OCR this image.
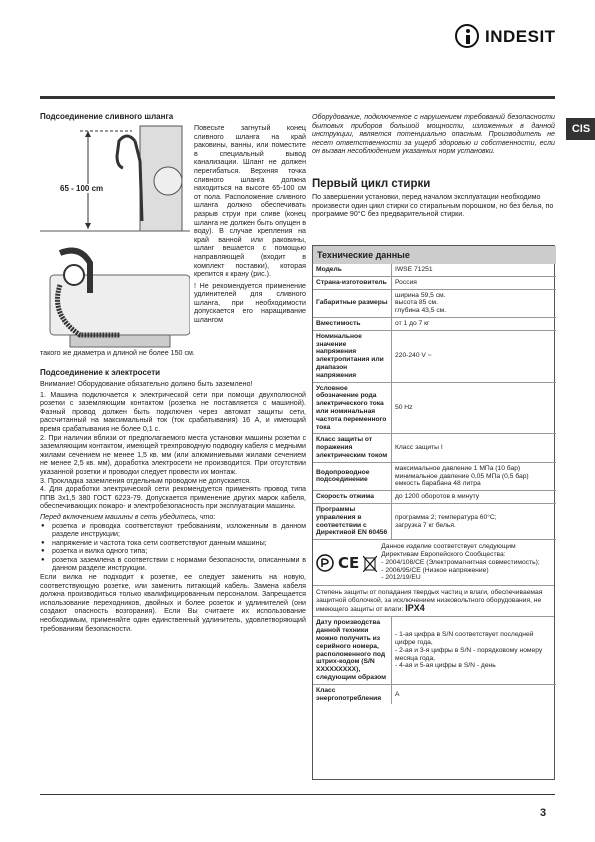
INDESIT
CIS
Подсоединение сливного шланга
65 - 100 cm
Повесьте загнутый конец сливного шланга на край раковины, ванны, или поместите в специальный вывод канализации. Шланг не должен перегибаться. Верхняя точка сливного шланга должна находиться на высоте 65-100 см от пола. Расположение сливного шланга должно обеспечивать разрыв струи при сливе (конец шланга не должен быть опущен в воду). В случае крепления на край ванной или раковины, шланг вешается с помощью направляющей (входит в комплект поставки), которая крепится к крану (рис.).
! Не рекомендуется применение удлинителей для сливного шланга, при необходимости допускается его наращивание шлангом
такого же диаметра и длиной не более 150 см.
Подсоединение к электросети
Внимание! Оборудование обязательно должно быть заземлено!
1. Машина подключается к электрической сети при помощи двухполюсной розетки с заземляющим контактом (розетка не поставляется с машиной). Фазный провод должен быть подключен через автомат защиты сети, рассчитанный на максимальный ток (ток срабатывания) 16 А, и имеющий время срабатывания не более 0,1 с.
2. При наличии вблизи от предполагаемого места установки машины розетки с заземляющим контактом, имеющей трехпроводную подводку кабеля с медными жилами сечением не менее 1,5 кв. мм (или алюминиевыми жилами сечением не менее 2,5 кв. мм), доработка электросети не производится. При отсутствии указанной розетки и проводки следует провести их монтаж.
3. Прокладка заземления отдельным проводом не допускается.
4. Для доработки электрической сети рекомендуется применять провод типа ППВ 3х1,5 380 ГОСТ 6223-79. Допускается применение других марок кабеля, обеспечивающих пожаро- и электробезопасность при эксплуатации машины.
Перед включением машины в сеть убедитесь, что:
● розетка и проводка соответствуют требованиям, изложенным в данном разделе инструкции;
● напряжение и частота тока сети соответствуют данным машины;
● розетка и вилка одного типа;
● розетка заземлена в соответствии с нормами безопасности, описанными в данном разделе инструкции.
Если вилка не подходит к розетке, ее следует заменить на новую, соответствующую розетке, или заменить питающий кабель. Замена кабеля должна производиться только квалифицированным персоналом. Запрещается использование переходников, двойных и более розеток и удлинителей (они создают опасность возгорания). Если Вы считаете их использование необходимым, применяйте один единственный удлинитель, удовлетворяющий требованиям безопасности.
Оборудование, подключенное с нарушением требований безопасности бытовых приборов большой мощности, изложенных в данной инструкции, является потенциально опасным. Производитель не несет ответственности за ущерб здоровью и собственности, если он вызван несоблюдением указанных норм установки.
Первый цикл стирки
По завершении установки, перед началом эксплуатации необходимо произвести один цикл стирки со стиральным порошком, но без белья, по программе 90°С без предварительной стирки.
Технические данные
Модель	IWSE 71251
Страна-изготовитель	Россия
Габаритные размеры	ширина 59,5 см.
высота 85 см.
глубина 43,5 см.
Вместимость	от 1 до 7 кг
Номинальное значение напряжения электропитания или диапазон напряжения	220-240 V ~
Условное обозначение рода электрического тока или номинальная частота переменного тока	50 Hz
Класс защиты от поражения электрическим током	Класс защиты I
Водопроводное подсоединение	максимальное давление 1 МПа (10 бар)
минимальное давление 0,05 МПа (0,5 бар)
емкость барабана 48 литра
Скорость отжима	до 1200 оборотов в минуту
Программы управления в соответствии с Директивой EN 60456	программа 2; температура 60°С;
загрузка 7 кг белья.
CE
Данное изделие соответствует следующим Директивам Европейского Сообщества:
- 2004/108/CE (Электромагнитная совместимость);
- 2006/95/CE (Низкое напряжение)
- 2012/19/EU
Степень защиты от попадания твердых частиц и влаги, обеспечиваемая защитной оболочкой, за исключением низковольтного оборудования, не имеющего защиты от влаги: IPX4
Дату производства данной техники можно получить из серийного номера, расположенного под штрих-кодом (S/N XXXXXXXXX), следующим образом	- 1-ая цифра в S/N соответствует последней цифре года,
- 2-ая и 3-я цифры в S/N - порядковому номеру месяца года,
- 4-ая и 5-ая цифры в S/N - день

Класс энергопотребления	A
3
